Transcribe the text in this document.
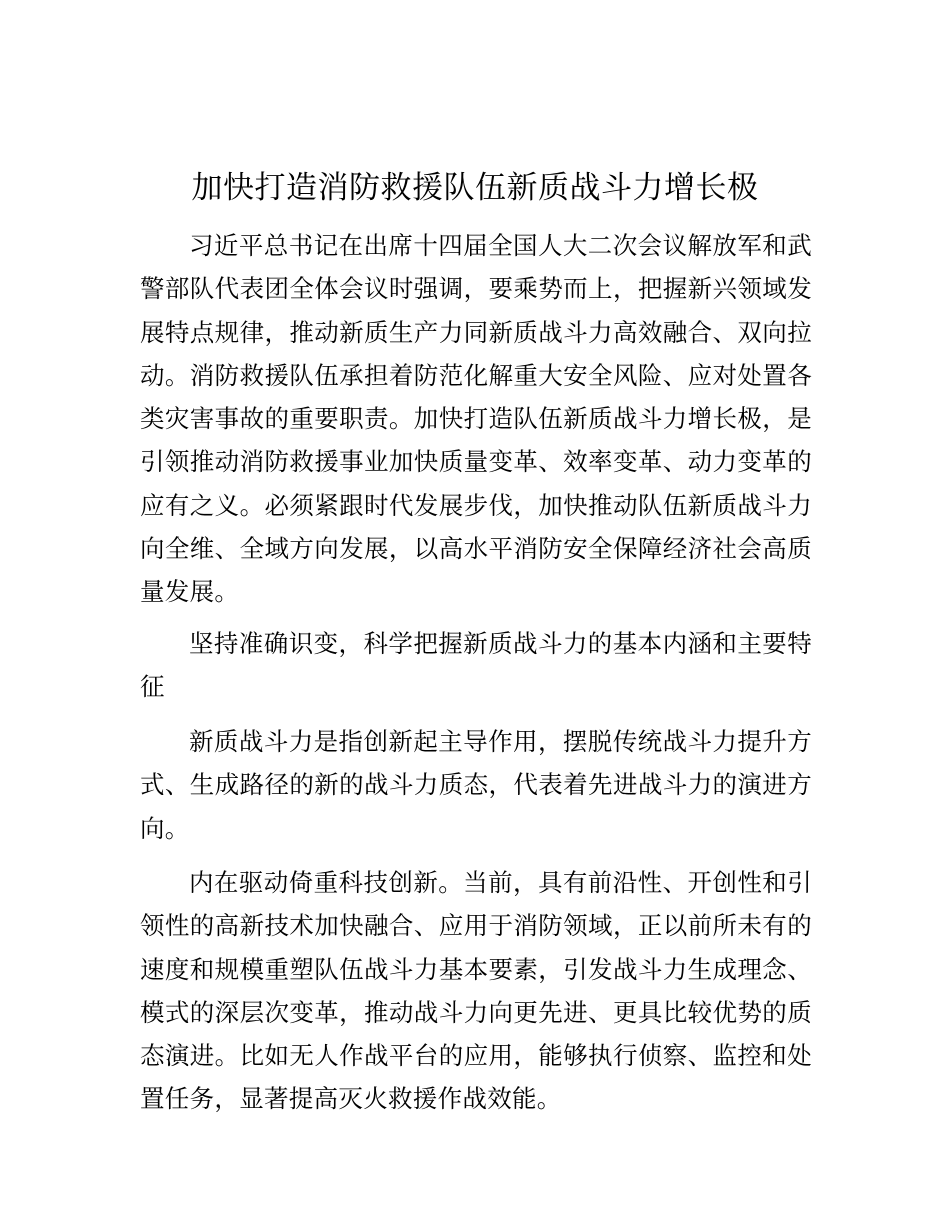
加快打造消防救援队伍新质战斗力增长极

习近平总书记在出席十四届全国人大二次会议解放军和武警部队代表团全体会议时强调，要乘势而上，把握新兴领域发展特点规律，推动新质生产力同新质战斗力高效融合、双向拉动。消防救援队伍承担着防范化解重大安全风险、应对处置各类灾害事故的重要职责。加快打造队伍新质战斗力增长极，是引领推动消防救援事业加快质量变革、效率变革、动力变革的应有之义。必须紧跟时代发展步伐，加快推动队伍新质战斗力向全维、全域方向发展，以高水平消防安全保障经济社会高质量发展。

坚持准确识变，科学把握新质战斗力的基本内涵和主要特征

新质战斗力是指创新起主导作用，摆脱传统战斗力提升方式、生成路径的新的战斗力质态，代表着先进战斗力的演进方向。

内在驱动倚重科技创新。当前，具有前沿性、开创性和引领性的高新技术加快融合、应用于消防领域，正以前所未有的速度和规模重塑队伍战斗力基本要素，引发战斗力生成理念、模式的深层次变革，推动战斗力向更先进、更具比较优势的质态演进。比如无人作战平台的应用，能够执行侦察、监控和处置任务，显著提高灭火救援作战效能。
